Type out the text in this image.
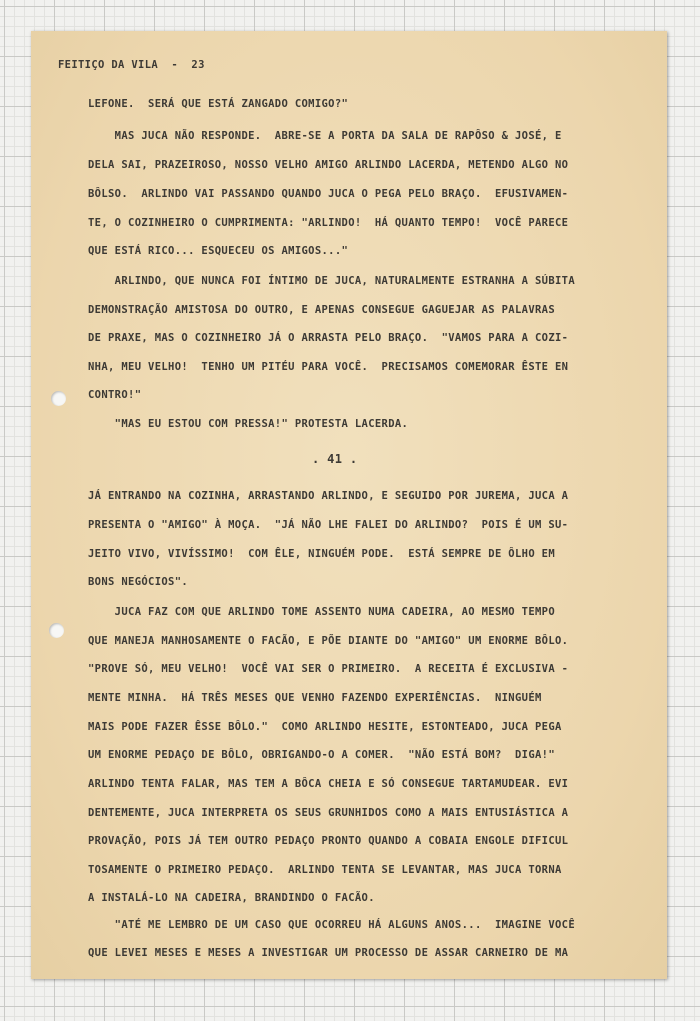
FEITIÇO DA VILA  -  23
LEFONE.  SERÁ QUE ESTÁ ZANGADO COMIGO?"
MAS JUCA NÃO RESPONDE.  ABRE-SE A PORTA DA SALA DE RAPÔSO & JOSÉ, E
DELA SAI, PRAZEIROSO, NOSSO VELHO AMIGO ARLINDO LACERDA, METENDO ALGO NO
BÔLSO.  ARLINDO VAI PASSANDO QUANDO JUCA O PEGA PELO BRAÇO.  EFUSIVAMEN-
TE, O COZINHEIRO O CUMPRIMENTA: "ARLINDO!  HÁ QUANTO TEMPO!  VOCÊ PARECE
QUE ESTÁ RICO... ESQUECEU OS AMIGOS..."
ARLINDO, QUE NUNCA FOI ÍNTIMO DE JUCA, NATURALMENTE ESTRANHA A SÚBITA
DEMONSTRAÇÃO AMISTOSA DO OUTRO, E APENAS CONSEGUE GAGUEJAR AS PALAVRAS
DE PRAXE, MAS O COZINHEIRO JÁ O ARRASTA PELO BRAÇO.  "VAMOS PARA A COZI-
NHA, MEU VELHO!  TENHO UM PITÉU PARA VOCÊ.  PRECISAMOS COMEMORAR ÊSTE EN
CONTRO!"
"MAS EU ESTOU COM PRESSA!" PROTESTA LACERDA.
. 41 .
JÁ ENTRANDO NA COZINHA, ARRASTANDO ARLINDO, E SEGUIDO POR JUREMA, JUCA A
PRESENTA O "AMIGO" À MOÇA.  "JÁ NÃO LHE FALEI DO ARLINDO?  POIS É UM SU-
JEITO VIVO, VIVÍSSIMO!  COM ÊLE, NINGUÉM PODE.  ESTÁ SEMPRE DE ÔLHO EM
BONS NEGÓCIOS".
JUCA FAZ COM QUE ARLINDO TOME ASSENTO NUMA CADEIRA, AO MESMO TEMPO
QUE MANEJA MANHOSAMENTE O FACÃO, E PÕE DIANTE DO "AMIGO" UM ENORME BÔLO.
"PROVE SÓ, MEU VELHO!  VOCÊ VAI SER O PRIMEIRO.  A RECEITA É EXCLUSIVA -
MENTE MINHA.  HÁ TRÊS MESES QUE VENHO FAZENDO EXPERIÊNCIAS.  NINGUÉM
MAIS PODE FAZER ÊSSE BÔLO."  COMO ARLINDO HESITE, ESTONTEADO, JUCA PEGA
UM ENORME PEDAÇO DE BÔLO, OBRIGANDO-O A COMER.  "NÃO ESTÁ BOM?  DIGA!"
ARLINDO TENTA FALAR, MAS TEM A BÔCA CHEIA E SÓ CONSEGUE TARTAMUDEAR. EVI
DENTEMENTE, JUCA INTERPRETA OS SEUS GRUNHIDOS COMO A MAIS ENTUSIÁSTICA A
PROVAÇÃO, POIS JÁ TEM OUTRO PEDAÇO PRONTO QUANDO A COBAIA ENGOLE DIFICUL
TOSAMENTE O PRIMEIRO PEDAÇO.  ARLINDO TENTA SE LEVANTAR, MAS JUCA TORNA
A INSTALÁ-LO NA CADEIRA, BRANDINDO O FACÃO.
"ATÉ ME LEMBRO DE UM CASO QUE OCORREU HÁ ALGUNS ANOS...  IMAGINE VOCÊ
QUE LEVEI MESES E MESES A INVESTIGAR UM PROCESSO DE ASSAR CARNEIRO DE MA
